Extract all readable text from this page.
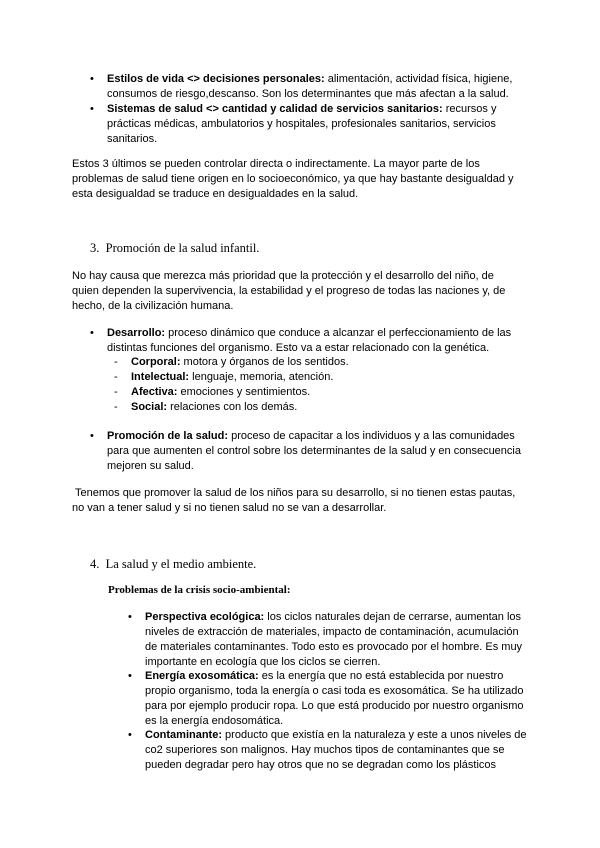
• Estilos de vida <> decisiones personales: alimentación, actividad física, higiene, consumos de riesgo,descanso. Son los determinantes que más afectan a la salud.
• Sistemas de salud <> cantidad y calidad de servicios sanitarios: recursos y prácticas médicas, ambulatorios y hospitales, profesionales sanitarios, servicios sanitarios.
Estos 3 últimos se pueden controlar directa o indirectamente. La mayor parte de los problemas de salud tiene origen en lo socioeconómico, ya que hay bastante desigualdad y esta desigualdad se traduce en desigualdades en la salud.
3. Promoción de la salud infantil.
No hay causa que merezca más prioridad que la protección y el desarrollo del niño, de quien dependen la supervivencia, la estabilidad y el progreso de todas las naciones y, de hecho, de la civilización humana.
• Desarrollo: proceso dinámico que conduce a alcanzar el perfeccionamiento de las distintas funciones del organismo. Esto va a estar relacionado con la genética.
- Corporal: motora y órganos de los sentidos.
- Intelectual: lenguaje, memoria, atención.
- Afectiva: emociones y sentimientos.
- Social: relaciones con los demás.
• Promoción de la salud: proceso de capacitar a los individuos y a las comunidades para que aumenten el control sobre los determinantes de la salud y en consecuencia mejoren su salud.
Tenemos que promover la salud de los niños para su desarrollo, si no tienen estas pautas, no van a tener salud y si no tienen salud no se van a desarrollar.
4. La salud y el medio ambiente.
Problemas de la crisis socio-ambiental:
• Perspectiva ecológica: los ciclos naturales dejan de cerrarse, aumentan los niveles de extracción de materiales, impacto de contaminación, acumulación de materiales contaminantes. Todo esto es provocado por el hombre. Es muy importante en ecología que los ciclos se cierren.
• Energía exosomática: es la energía que no está establecida por nuestro propio organismo, toda la energía o casi toda es exosomática. Se ha utilizado para por ejemplo producir ropa. Lo que está producido por nuestro organismo es la energía endosomática.
• Contaminante: producto que existía en la naturaleza y este a unos niveles de co2 superiores son malignos. Hay muchos tipos de contaminantes que se pueden degradar pero hay otros que no se degradan como los plásticos
